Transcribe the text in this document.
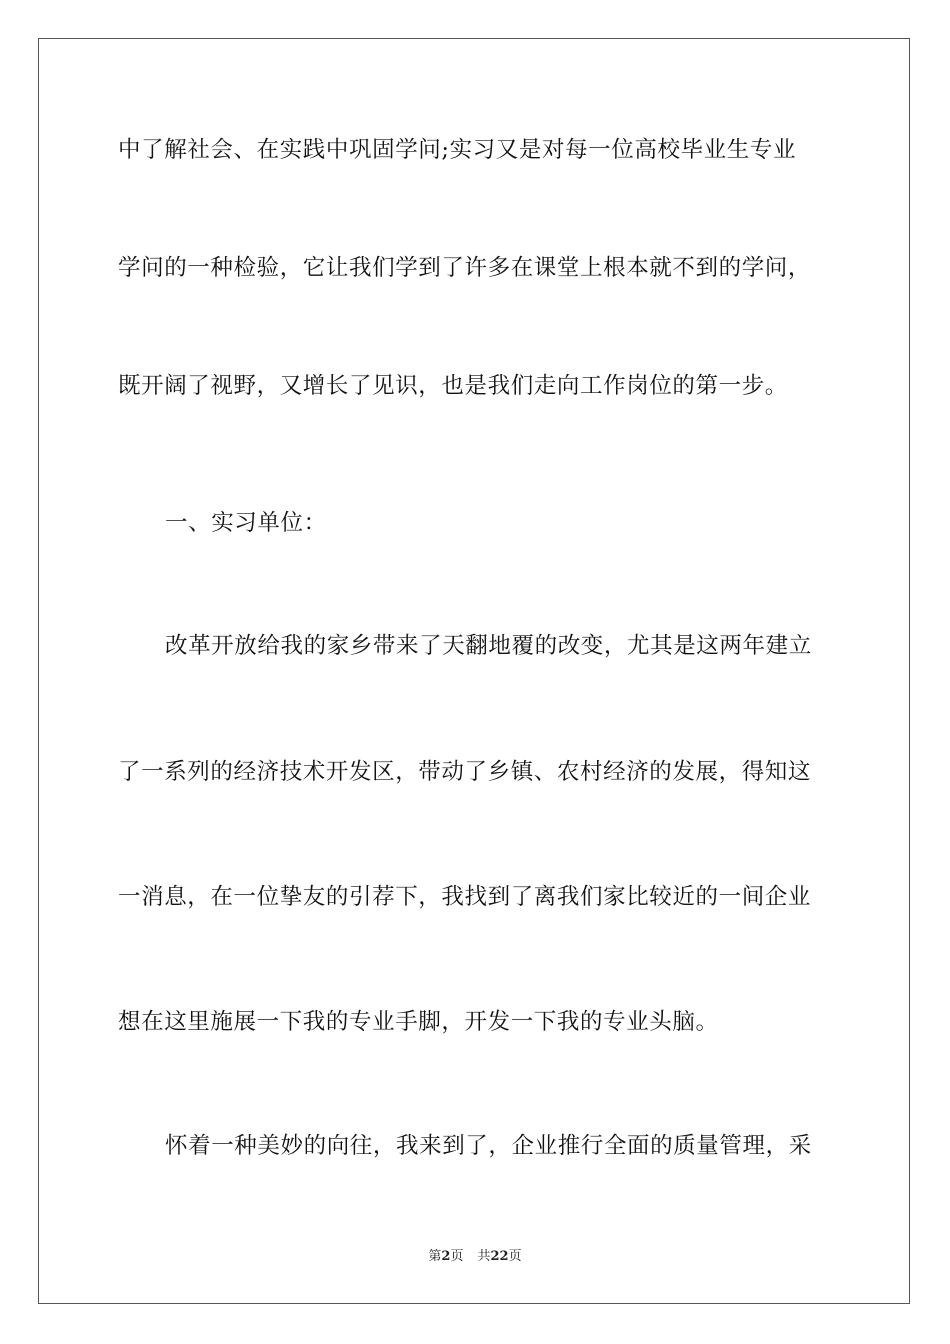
中了解社会、在实践中巩固学问;实习又是对每一位高校毕业生专业
学问的一种检验，它让我们学到了许多在课堂上根本就不到的学问，
既开阔了视野，又增长了见识，也是我们走向工作岗位的第一步。
一、实习单位：
改革开放给我的家乡带来了天翻地覆的改变，尤其是这两年建立
了一系列的经济技术开发区，带动了乡镇、农村经济的发展，得知这
一消息，在一位挚友的引荐下，我找到了离我们家比较近的一间企业
想在这里施展一下我的专业手脚，开发一下我的专业头脑。
怀着一种美妙的向往，我来到了，企业推行全面的质量管理，采
第2页 共22页
